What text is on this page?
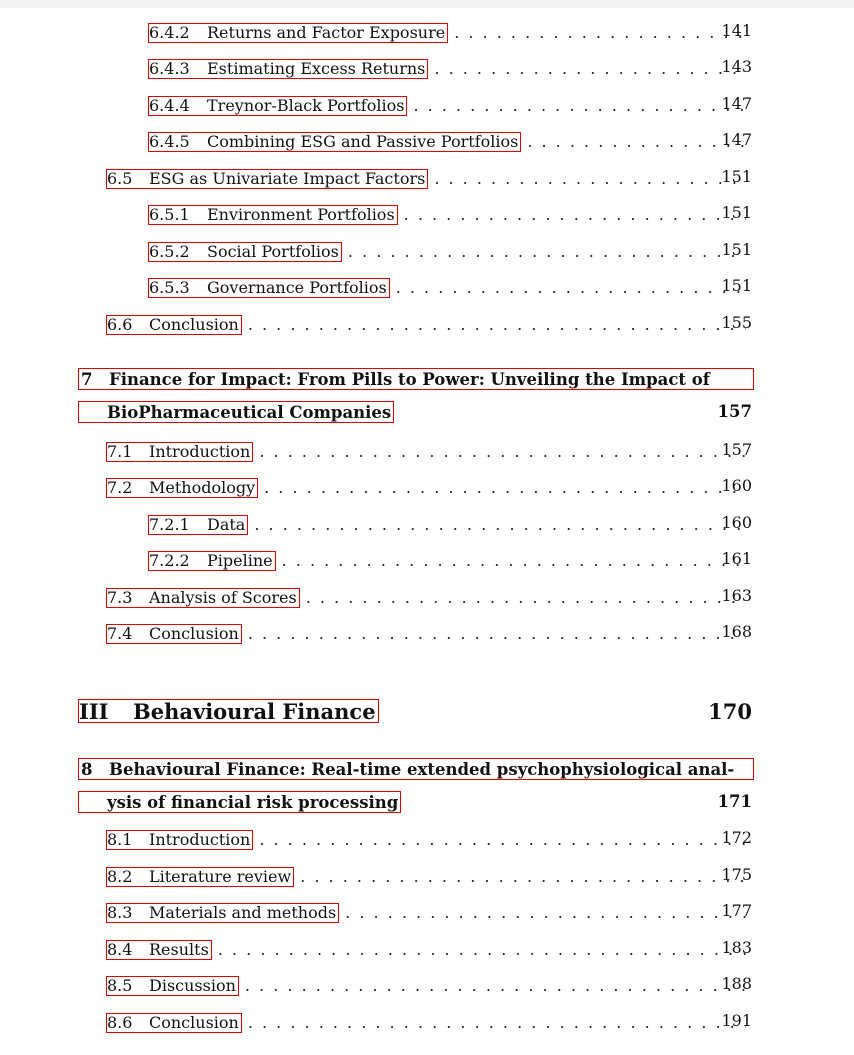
6.4.2	Returns and Factor Exposure . . .	141
6.4.3	Estimating Excess Returns . . .	143
6.4.4	Treynor-Black Portfolios . . .	147
6.4.5	Combining ESG and Passive Portfolios . . .	147
6.5	ESG as Univariate Impact Factors . . .	151
6.5.1	Environment Portfolios . . .	151
6.5.2	Social Portfolios . . .	151
6.5.3	Governance Portfolios . . .	151
6.6	Conclusion . . .	155
7	Finance for Impact: From Pills to Power: Unveiling the Impact of
BioPharmaceutical Companies	157
7.1	Introduction . . .	157
7.2	Methodology . . .	160
7.2.1	Data . . .	160
7.2.2	Pipeline . . .	161
7.3	Analysis of Scores . . .	163
7.4	Conclusion . . .	168
III	Behavioural Finance	170
8	Behavioural Finance: Real-time extended psychophysiological anal-
ysis of financial risk processing	171
8.1	Introduction . . .	172
8.2	Literature review . . .	175
8.3	Materials and methods . . .	177
8.4	Results . . .	183
8.5	Discussion . . .	188
8.6	Conclusion . . .	191
